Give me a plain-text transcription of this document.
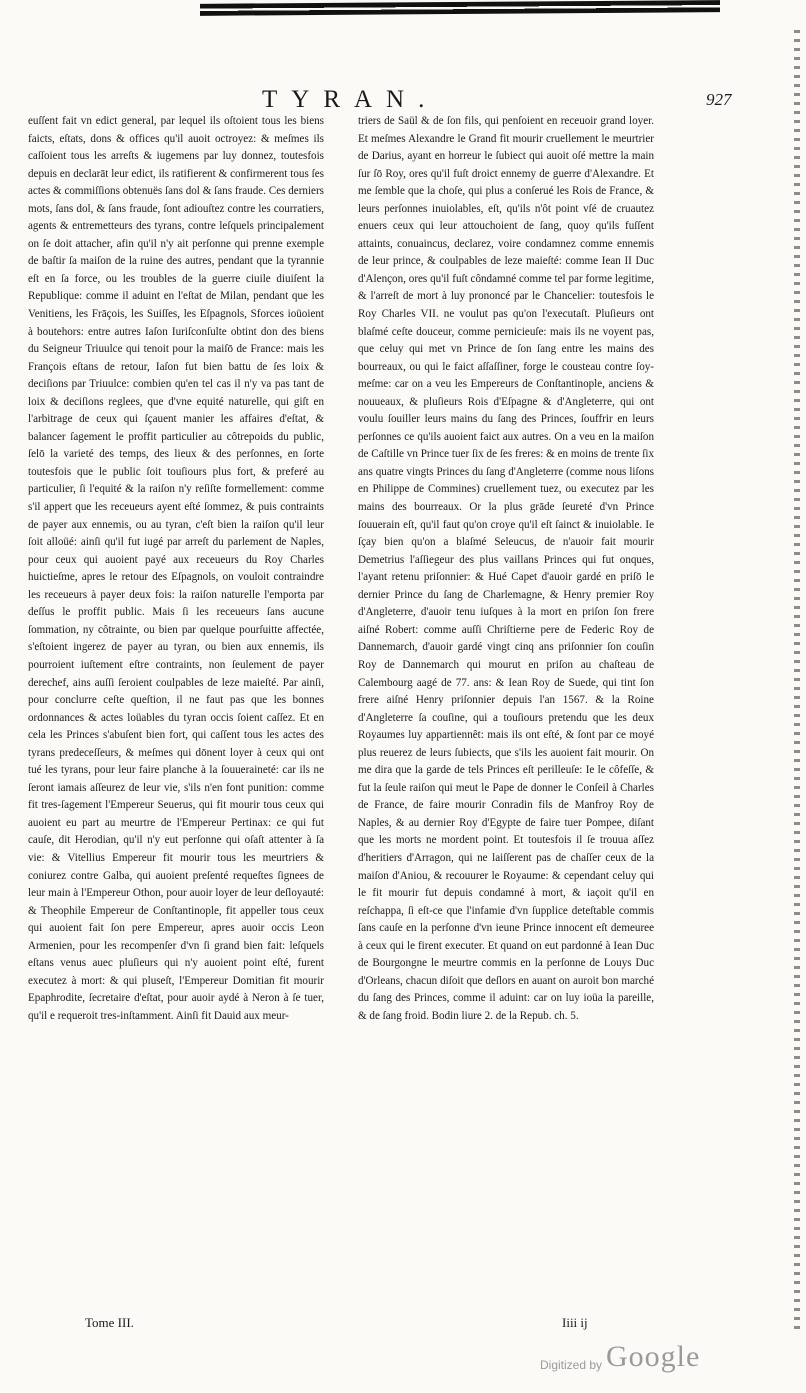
TYRAN.	927

euſſent fait vn edict general, par lequel ils oſtoient tous les biens faicts, eſtats, dons & offices qu'il auoit octroyez: & meſmes ils caſſoient tous les arreſts & iugemens par luy donnez, toutesfois depuis en declarāt leur edict, ils ratifierent & confirmerent tous ſes actes & commiſſions obtenuës ſans dol & ſans fraude. Ces derniers mots, ſans dol, & ſans fraude, ſont adiouſtez contre les courratiers, agents & entremetteurs des tyrans, contre leſquels principalement on ſe doit attacher, afin qu'il n'y ait perſonne qui prenne exemple de baſtir ſa maiſon de la ruine des autres, pendant que la tyrannie eſt en ſa force, ou les troubles de la guerre ciuile diuiſent la Republique: comme il aduint en l'eſtat de Milan, pendant que les Venitiens, les Frāçois, les Suiſſes, les Eſpagnols, Sforces ioüoient à boutehors: entre autres Iaſon Iuriſconſulte obtint don des biens du Seigneur Triuulce qui tenoit pour la maiſō de France: mais les François eſtans de retour, Iaſon fut bien battu de ſes loix & deciſions par Triuulce: combien qu'en tel cas il n'y va pas tant de loix & deciſions reglees, que d'vne equité naturelle, qui giſt en l'arbitrage de ceux qui ſçauent manier les affaires d'eſtat, & balancer ſagement le proffit particulier au côtrepoids du public, ſelō la varieté des temps, des lieux & des perſonnes, en ſorte toutesfois que le public ſoit touſiours plus fort, & preferé au particulier, ſi l'equité & la raiſon n'y reſiſte formellement: comme s'il appert que les receueurs ayent eſté ſommez, & puis contraints de payer aux ennemis, ou au tyran, c'eſt bien la raiſon qu'il leur ſoit alloüé: ainſi qu'il fut iugé par arreſt du parlement de Naples, pour ceux qui auoient payé aux receueurs du Roy Charles huictieſme, apres le retour des Eſpagnols, on vouloit contraindre les receueurs à payer deux fois: la raiſon naturelle l'emporta par deſſus le proffit public. Mais ſi les receueurs ſans aucune ſommation, ny côtrainte, ou bien par quelque pourſuitte affectée, s'eſtoient ingerez de payer au tyran, ou bien aux ennemis, ils pourroient iuſtement eſtre contraints, non ſeulement de payer derechef, ains auſſi ſeroient coulpables de leze maieſté. Par ainſi, pour conclurre ceſte queſtion, il ne faut pas que les bonnes ordonnances & actes loüables du tyran occis ſoient caſſez. Et en cela les Princes s'abuſent bien fort, qui caſſent tous les actes des tyrans predeceſſeurs, & meſmes qui dōnent loyer à ceux qui ont tué les tyrans, pour leur faire planche à la ſouueraineté: car ils ne ſeront iamais aſſeurez de leur vie, s'ils n'en font punition: comme fit tres-ſagement l'Empereur Seuerus, qui fit mourir tous ceux qui auoient eu part au meurtre de l'Empereur Pertinax: ce qui fut cauſe, dit Herodian, qu'il n'y eut perſonne qui oſaſt attenter à ſa vie: & Vitellius Empereur fit mourir tous les meurtriers & coniurez contre Galba, qui auoient preſenté requeſtes ſignees de leur main à l'Empereur Othon, pour auoir loyer de leur deſloyauté: & Theophile Empereur de Conſtantinople, fit appeller tous ceux qui auoient fait ſon pere Empereur, apres auoir occis Leon Armenien, pour les recompenſer d'vn ſi grand bien fait: leſquels eſtans venus auec pluſieurs qui n'y auoient point eſté, furent executez à mort: & qui pluseſt, l'Empereur Domitian fit mourir Epaphrodite, ſecretaire d'eſtat, pour auoir aydé à Neron à ſe tuer, qu'il e requeroit tres-inſtamment. Ainſi fit Dauid aux meur-

triers de Saül & de ſon fils, qui penſoient en receuoir grand loyer. Et meſmes Alexandre le Grand fit mourir cruellement le meurtrier de Darius, ayant en horreur le ſubiect qui auoit oſé mettre la main ſur ſō Roy, ores qu'il fuſt droict ennemy de guerre d'Alexandre. Et me ſemble que la choſe, qui plus a conſerué les Rois de France, & leurs perſonnes inuiolables, eſt, qu'ils n'ôt point vſé de cruautez enuers ceux qui leur attouchoient de ſang, quoy qu'ils fuſſent attaints, conuaincus, declarez, voire condamnez comme ennemis de leur prince, & coulpables de leze maieſté: comme Iean II Duc d'Alençon, ores qu'il fuſt côndamné comme tel par forme legitime, & l'arreſt de mort à luy prononcé par le Chancelier: toutesfois le Roy Charles VII. ne voulut pas qu'on l'executaſt. Pluſieurs ont blaſmé ceſte douceur, comme pernicieuſe: mais ils ne voyent pas, que celuy qui met vn Prince de ſon ſang entre les mains des bourreaux, ou qui le faict aſſaſſiner, forge le cousteau contre ſoy-meſme: car on a veu les Empereurs de Conſtantinople, anciens & nouueaux, & pluſieurs Rois d'Eſpagne & d'Angleterre, qui ont voulu ſouiller leurs mains du ſang des Princes, ſouffrir en leurs perſonnes ce qu'ils auoient faict aux autres. On a veu en la maiſon de Caſtille vn Prince tuer ſix de ſes freres: & en moins de trente ſix ans quatre vingts Princes du ſang d'Angleterre (comme nous liſons en Philippe de Commines) cruellement tuez, ou executez par les mains des bourreaux. Or la plus grāde ſeureté d'vn Prince ſouuerain eſt, qu'il faut qu'on croye qu'il eſt ſainct & inuiolable. Ie ſçay bien qu'on a blaſmé Seleucus, de n'auoir fait mourir Demetrius l'aſſiegeur des plus vaillans Princes qui fut onques, l'ayant retenu priſonnier: & Hué Capet d'auoir gardé en priſō le dernier Prince du ſang de Charlemagne, & Henry premier Roy d'Angleterre, d'auoir tenu iuſques à la mort en priſon ſon frere aiſné Robert: comme auſſi Chriſtierne pere de Federic Roy de Dannemarch, d'auoir gardé vingt cinq ans priſonnier ſon couſin Roy de Dannemarch qui mourut en priſon au chaſteau de Calembourg aagé de 77. ans: & Iean Roy de Suede, qui tint ſon frere aiſné Henry priſonnier depuis l'an 1567. & la Roine d'Angleterre ſa couſine, qui a touſiours pretendu que les deux Royaumes luy appartiennêt: mais ils ont eſté, & ſont par ce moyé plus reuerez de leurs ſubiects, que s'ils les auoient fait mourir. On me dira que la garde de tels Princes eſt perilleuſe: Ie le côfeſſe, & fut la ſeule raiſon qui meut le Pape de donner le Conſeil à Charles de France, de faire mourir Conradin fils de Manfroy Roy de Naples, & au dernier Roy d'Egypte de faire tuer Pompee, diſant que les morts ne mordent point. Et toutesfois il ſe trouua aſſez d'heritiers d'Arragon, qui ne laiſſerent pas de chaſſer ceux de la maiſon d'Aniou, & recouurer le Royaume: & cependant celuy qui le fit mourir fut depuis condamné à mort, & iaçoit qu'il en reſchappa, ſi eſt-ce que l'infamie d'vn ſupplice deteſtable commis ſans cauſe en la perſonne d'vn ieune Prince innocent eſt demeuree à ceux qui le firent executer. Et quand on eut pardonné à Iean Duc de Bourgongne le meurtre commis en la perſonne de Louys Duc d'Orleans, chacun diſoit que deſlors en auant on auroit bon marché du ſang des Princes, comme il aduint: car on luy ioüa la pareille, & de ſang froid. Bodin liure 2. de la Repub. ch. 5.

Tome III.	Iiii ij
Digitized by Google
